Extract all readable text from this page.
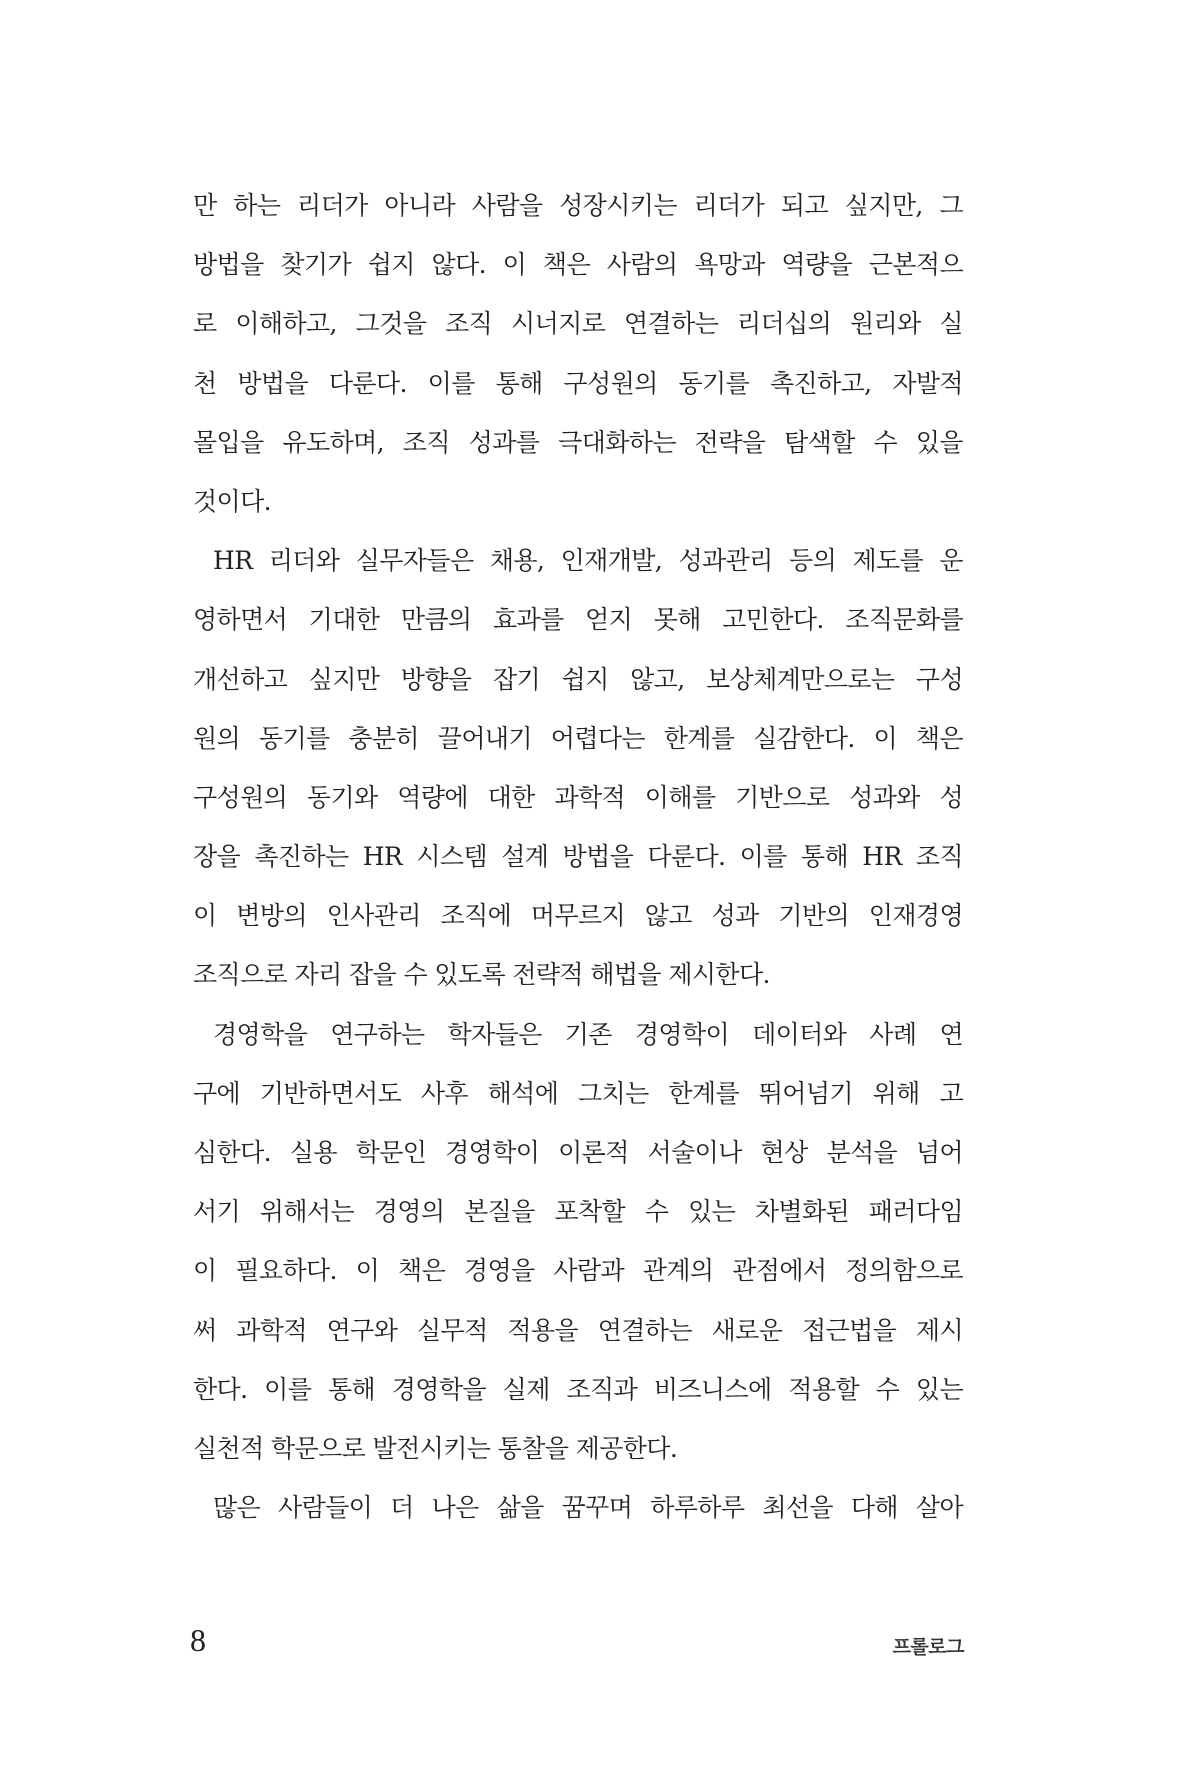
만 하는 리더가 아니라 사람을 성장시키는 리더가 되고 싶지만, 그
방법을 찾기가 쉽지 않다. 이 책은 사람의 욕망과 역량을 근본적으
로 이해하고, 그것을 조직 시너지로 연결하는 리더십의 원리와 실
천 방법을 다룬다. 이를 통해 구성원의 동기를 촉진하고, 자발적
몰입을 유도하며, 조직 성과를 극대화하는 전략을 탐색할 수 있을
것이다.
HR 리더와 실무자들은 채용, 인재개발, 성과관리 등의 제도를 운
영하면서 기대한 만큼의 효과를 얻지 못해 고민한다. 조직문화를
개선하고 싶지만 방향을 잡기 쉽지 않고, 보상체계만으로는 구성
원의 동기를 충분히 끌어내기 어렵다는 한계를 실감한다. 이 책은
구성원의 동기와 역량에 대한 과학적 이해를 기반으로 성과와 성
장을 촉진하는 HR 시스템 설계 방법을 다룬다. 이를 통해 HR 조직
이 변방의 인사관리 조직에 머무르지 않고 성과 기반의 인재경영
조직으로 자리 잡을 수 있도록 전략적 해법을 제시한다.
경영학을 연구하는 학자들은 기존 경영학이 데이터와 사례 연
구에 기반하면서도 사후 해석에 그치는 한계를 뛰어넘기 위해 고
심한다. 실용 학문인 경영학이 이론적 서술이나 현상 분석을 넘어
서기 위해서는 경영의 본질을 포착할 수 있는 차별화된 패러다임
이 필요하다. 이 책은 경영을 사람과 관계의 관점에서 정의함으로
써 과학적 연구와 실무적 적용을 연결하는 새로운 접근법을 제시
한다. 이를 통해 경영학을 실제 조직과 비즈니스에 적용할 수 있는
실천적 학문으로 발전시키는 통찰을 제공한다.
많은 사람들이 더 나은 삶을 꿈꾸며 하루하루 최선을 다해 살아
8	프롤로그
